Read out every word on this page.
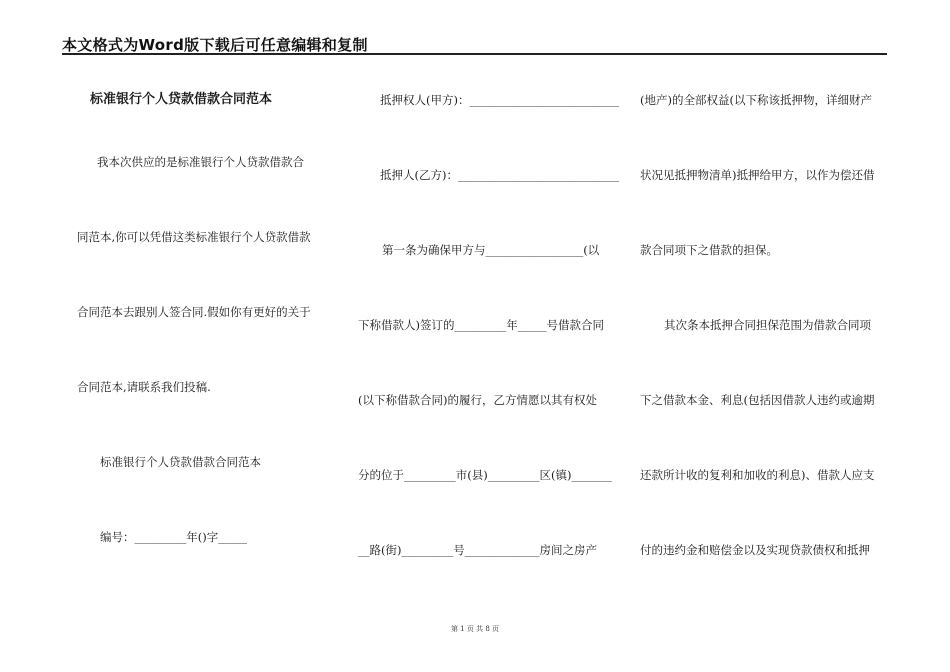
本文格式为Word版下载后可任意编辑和复制
标准银行个人贷款借款合同范本
我本次供应的是标准银行个人贷款借款合
同范本,你可以凭借这类标准银行个人贷款借款
合同范本去跟别人签合同.假如你有更好的关于
合同范本,请联系我们投稿.
标准银行个人贷款借款合同范本
编号：_________年()字_____
抵押权人(甲方)：__________________________
抵押人(乙方)：____________________________
第一条为确保甲方与_________________(以
下称借款人)签订的_________年_____号借款合同
(以下称借款合同)的履行，乙方情愿以其有权处
分的位于_________市(县)_________区(镇)_______
__路(街)_________号_____________房间之房产
(地产)的全部权益(以下称该抵押物，详细财产
状况见抵押物清单)抵押给甲方，以作为偿还借
款合同项下之借款的担保。
其次条本抵押合同担保范围为借款合同项
下之借款本金、利息(包括因借款人违约或逾期
还款所计收的复利和加收的利息)、借款人应支
付的违约金和赔偿金以及实现贷款债权和抵押
第 1 页 共 8 页
